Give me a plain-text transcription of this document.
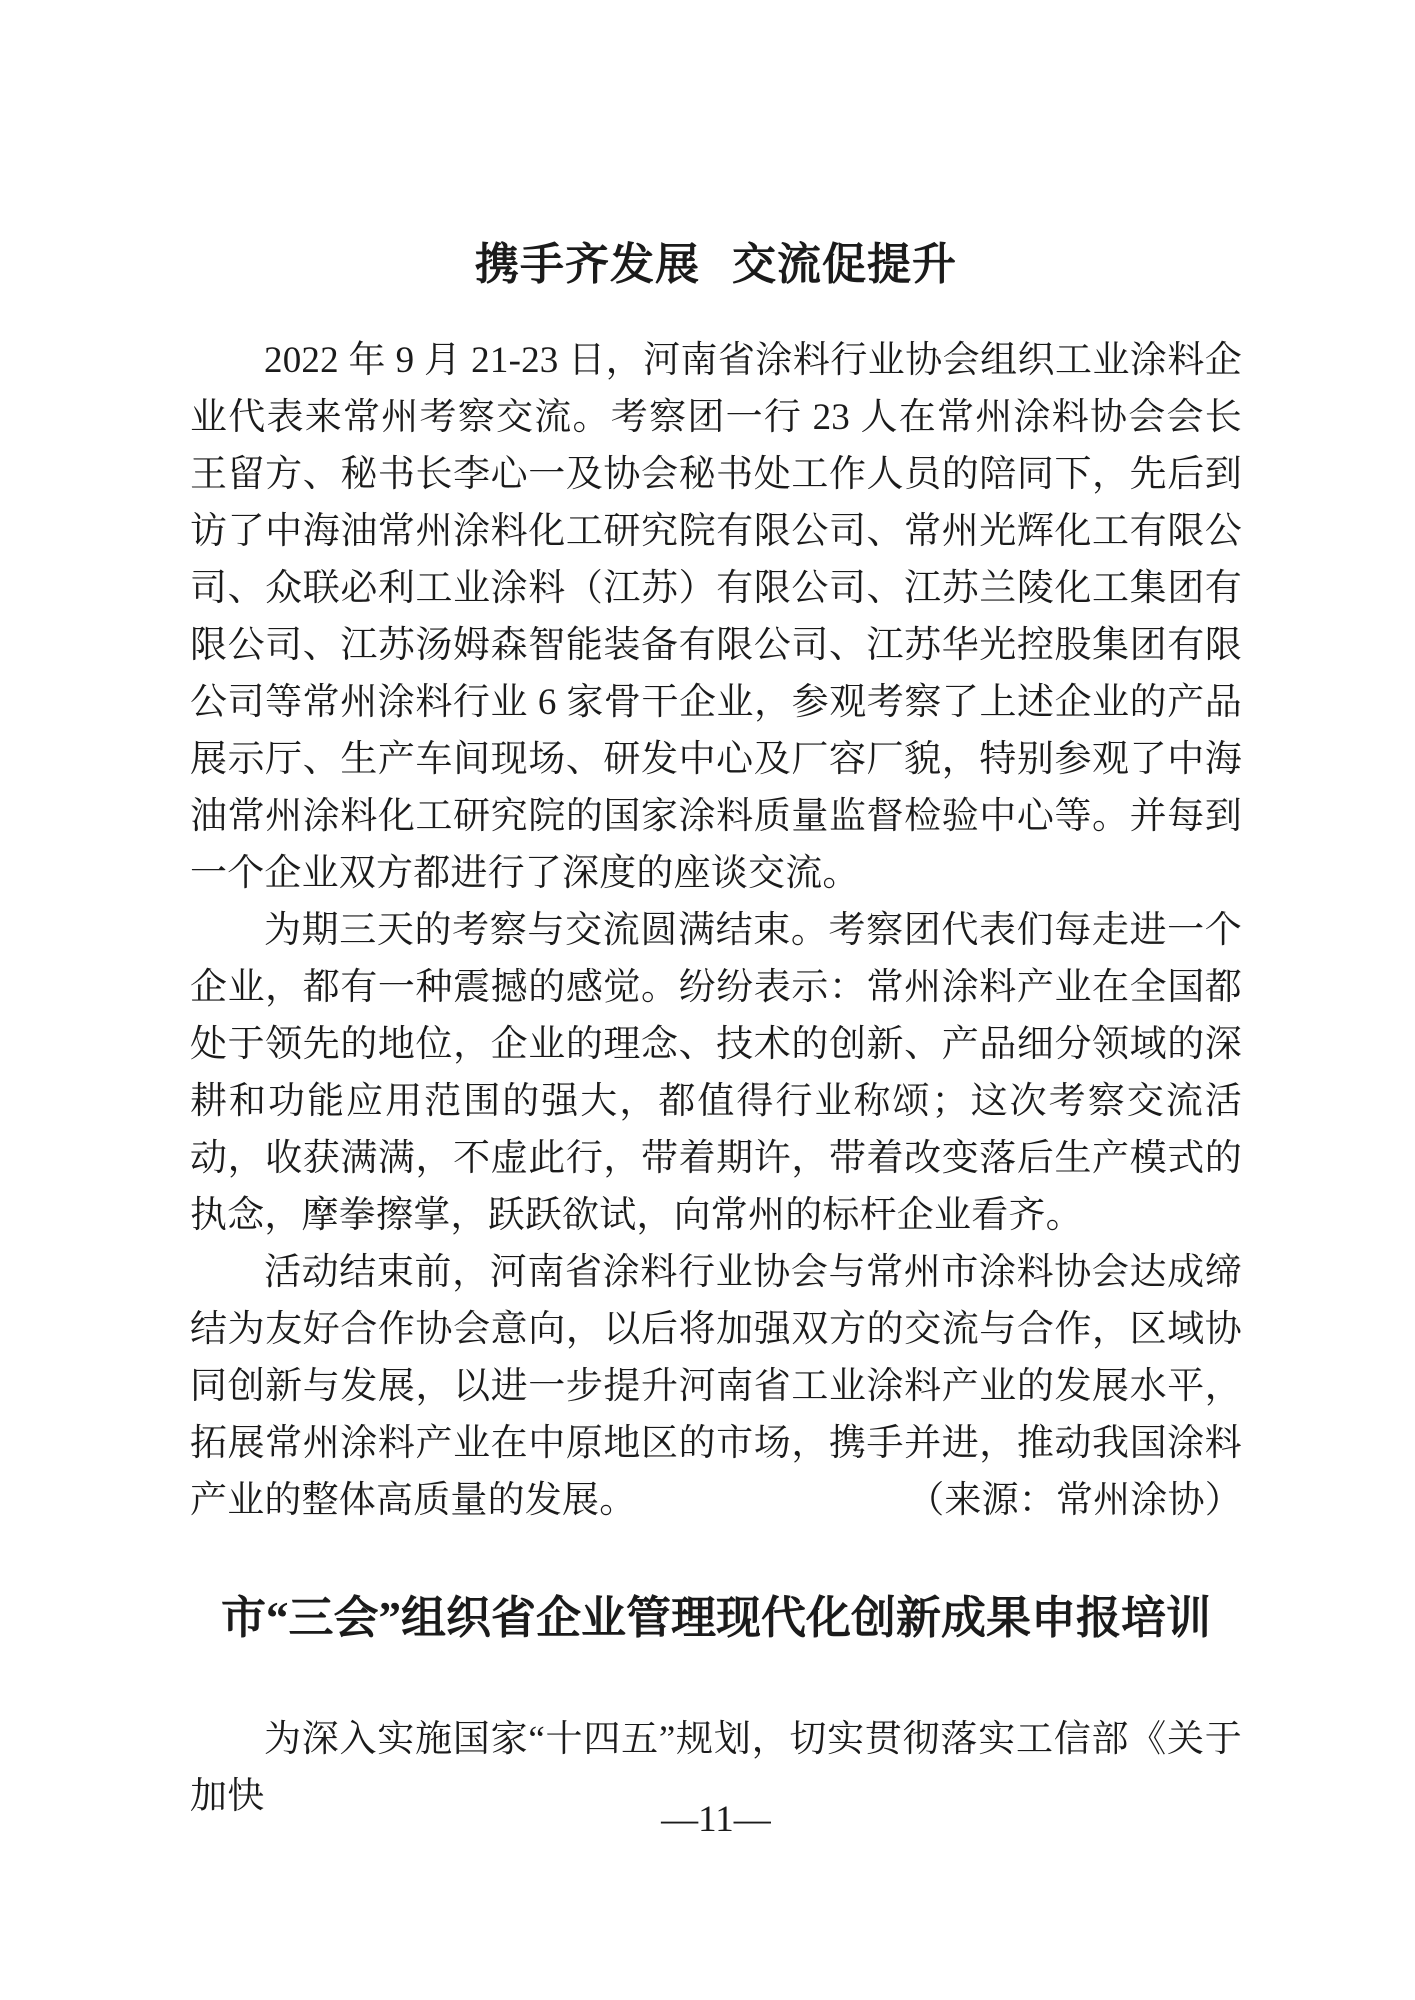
携手齐发展 交流促提升

2022 年 9 月 21-23 日，河南省涂料行业协会组织工业涂料企业代表来常州考察交流。考察团一行 23 人在常州涂料协会会长王留方、秘书长李心一及协会秘书处工作人员的陪同下，先后到访了中海油常州涂料化工研究院有限公司、常州光辉化工有限公司、众联必利工业涂料（江苏）有限公司、江苏兰陵化工集团有限公司、江苏汤姆森智能装备有限公司、江苏华光控股集团有限公司等常州涂料行业 6 家骨干企业，参观考察了上述企业的产品展示厅、生产车间现场、研发中心及厂容厂貌，特别参观了中海油常州涂料化工研究院的国家涂料质量监督检验中心等。并每到一个企业双方都进行了深度的座谈交流。

为期三天的考察与交流圆满结束。考察团代表们每走进一个企业，都有一种震撼的感觉。纷纷表示：常州涂料产业在全国都处于领先的地位，企业的理念、技术的创新、产品细分领域的深耕和功能应用范围的强大，都值得行业称颂；这次考察交流活动，收获满满，不虚此行，带着期许，带着改变落后生产模式的执念，摩拳擦掌，跃跃欲试，向常州的标杆企业看齐。

活动结束前，河南省涂料行业协会与常州市涂料协会达成缔结为友好合作协会意向，以后将加强双方的交流与合作，区域协同创新与发展，以进一步提升河南省工业涂料产业的发展水平，拓展常州涂料产业在中原地区的市场，携手并进，推动我国涂料产业的整体高质量的发展。	（来源：常州涂协）

市“三会”组织省企业管理现代化创新成果申报培训

为深入实施国家“十四五”规划，切实贯彻落实工信部《关于加快

—11—
